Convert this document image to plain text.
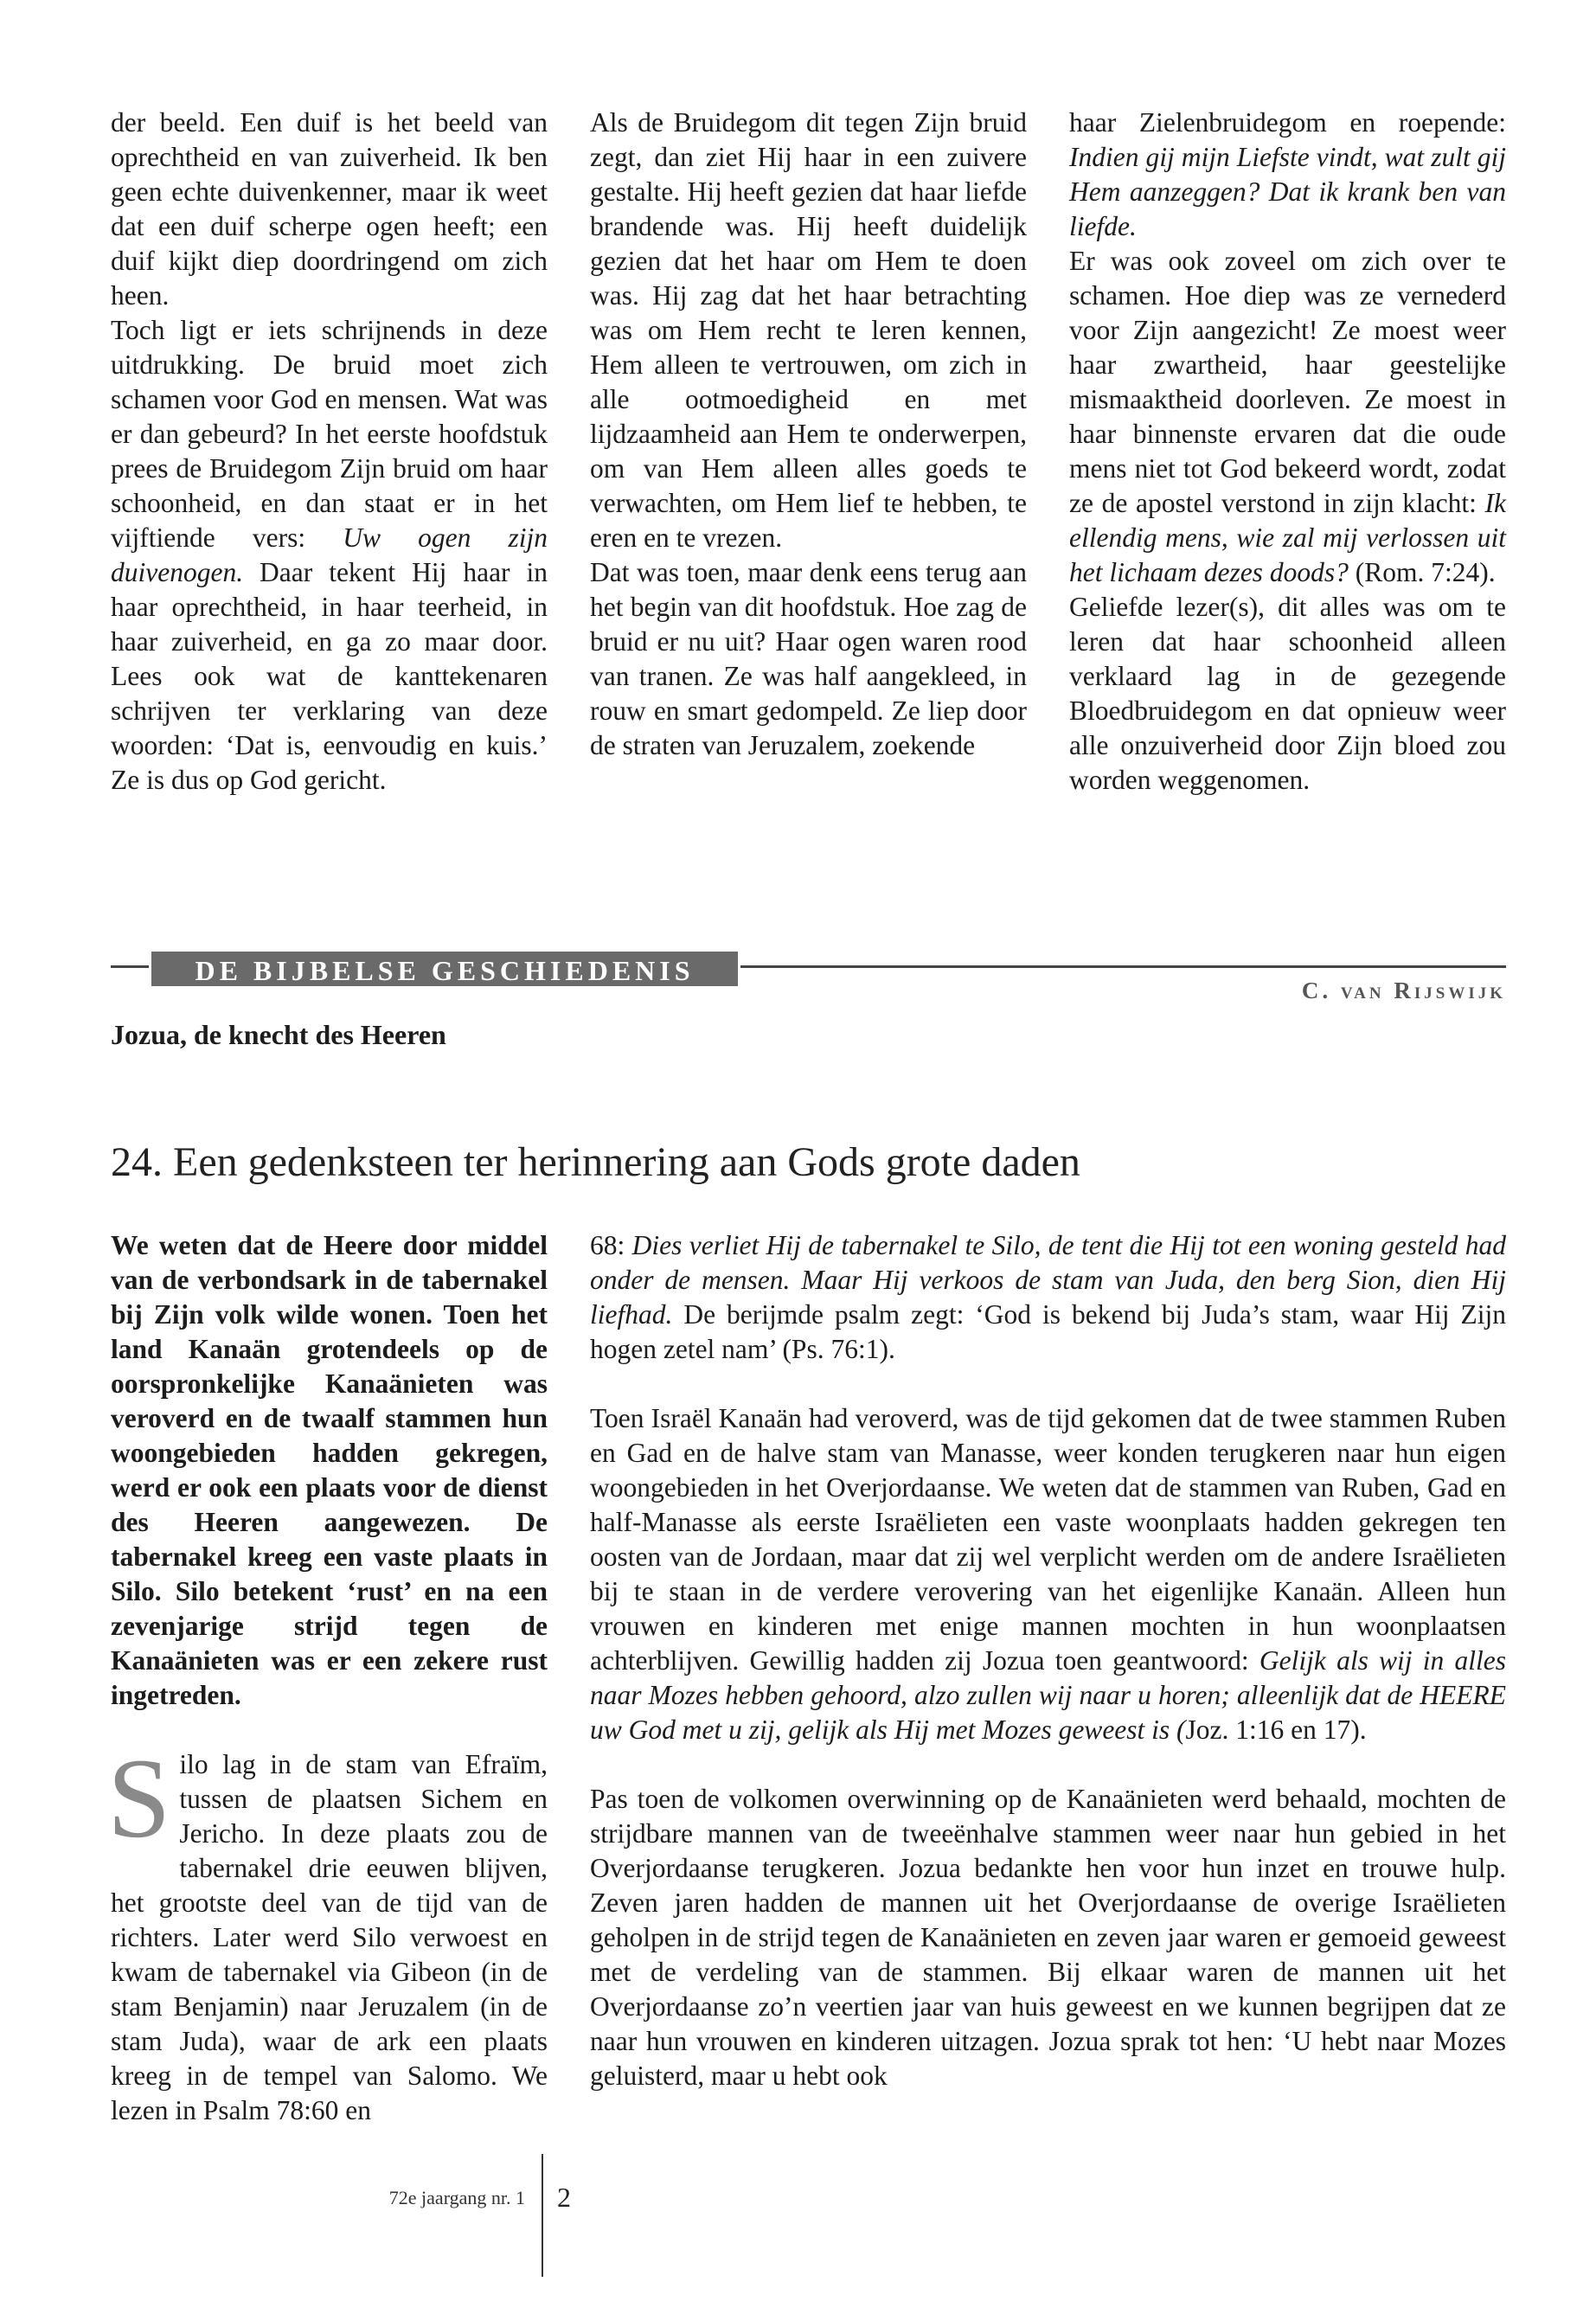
der beeld. Een duif is het beeld van oprechtheid en van zuiverheid. Ik ben geen echte duivenkenner, maar ik weet dat een duif scherpe ogen heeft; een duif kijkt diep doordringend om zich heen.

Toch ligt er iets schrijnends in deze uitdrukking. De bruid moet zich schamen voor God en mensen. Wat was er dan gebeurd? In het eerste hoofdstuk prees de Bruidegom Zijn bruid om haar schoonheid, en dan staat er in het vijftiende vers: Uw ogen zijn duivenogen. Daar tekent Hij haar in haar oprechtheid, in haar teerheid, in haar zuiverheid, en ga zo maar door. Lees ook wat de kanttekenaren schrijven ter verklaring van deze woorden: ‘Dat is, eenvoudig en kuis.’ Ze is dus op God gericht.

Als de Bruidegom dit tegen Zijn bruid zegt, dan ziet Hij haar in een zuivere gestalte. Hij heeft gezien dat haar liefde brandende was. Hij heeft duidelijk gezien dat het haar om Hem te doen was. Hij zag dat het haar betrachting was om Hem recht te leren kennen, Hem alleen te vertrouwen, om zich in alle ootmoedigheid en met lijdzaamheid aan Hem te onderwerpen, om van Hem alleen alles goeds te verwachten, om Hem lief te hebben, te eren en te vrezen.

Dat was toen, maar denk eens terug aan het begin van dit hoofdstuk. Hoe zag de bruid er nu uit? Haar ogen waren rood van tranen. Ze was half aangekleed, in rouw en smart gedompeld. Ze liep door de straten van Jeruzalem, zoekende

haar Zielenbruidegom en roepende: Indien gij mijn Liefste vindt, wat zult gij Hem aanzeggen? Dat ik krank ben van liefde.

Er was ook zoveel om zich over te schamen. Hoe diep was ze vernederd voor Zijn aangezicht! Ze moest weer haar zwartheid, haar geestelijke mismaaktheid doorleven. Ze moest in haar binnenste ervaren dat die oude mens niet tot God bekeerd wordt, zodat ze de apostel verstond in zijn klacht: Ik ellendig mens, wie zal mij verlossen uit het lichaam dezes doods? (Rom. 7:24).

Geliefde lezer(s), dit alles was om te leren dat haar schoonheid alleen verklaard lag in de gezegende Bloedbruidegom en dat opnieuw weer alle onzuiverheid door Zijn bloed zou worden weggenomen.

DE BIJBELSE GESCHIEDENIS
C. van Rijswijk
Jozua, de knecht des Heeren
24. Een gedenksteen ter herinnering aan Gods grote daden

We weten dat de Heere door middel van de verbondsark in de tabernakel bij Zijn volk wilde wonen. Toen het land Kanaän grotendeels op de oorspronkelijke Kanaänieten was veroverd en de twaalf stammen hun woongebieden hadden gekregen, werd er ook een plaats voor de dienst des Heeren aangewezen. De tabernakel kreeg een vaste plaats in Silo. Silo betekent ‘rust’ en na een zevenjarige strijd tegen de Kanaänieten was er een zekere rust ingetreden.

Silo lag in de stam van Efraïm, tussen de plaatsen Sichem en Jericho. In deze plaats zou de tabernakel drie eeuwen blijven, het grootste deel van de tijd van de richters. Later werd Silo verwoest en kwam de tabernakel via Gibeon (in de stam Benjamin) naar Jeruzalem (in de stam Juda), waar de ark een plaats kreeg in de tempel van Salomo. We lezen in Psalm 78:60 en

68: Dies verliet Hij de tabernakel te Silo, de tent die Hij tot een woning gesteld had onder de mensen. Maar Hij verkoos de stam van Juda, den berg Sion, dien Hij liefhad. De berijmde psalm zegt: ‘God is bekend bij Juda’s stam, waar Hij Zijn hogen zetel nam’ (Ps. 76:1).

Toen Israël Kanaän had veroverd, was de tijd gekomen dat de twee stammen Ruben en Gad en de halve stam van Manasse, weer konden terugkeren naar hun eigen woongebieden in het Overjordaanse. We weten dat de stammen van Ruben, Gad en half-Manasse als eerste Israëlieten een vaste woonplaats hadden gekregen ten oosten van de Jordaan, maar dat zij wel verplicht werden om de andere Israëlieten bij te staan in de verdere verovering van het eigenlijke Kanaän. Alleen hun vrouwen en kinderen met enige mannen mochten in hun woonplaatsen achterblijven. Gewillig hadden zij Jozua toen geantwoord: Gelijk als wij in alles naar Mozes hebben gehoord, alzo zullen wij naar u horen; alleenlijk dat de HEERE uw God met u zij, gelijk als Hij met Mozes geweest is (Joz. 1:16 en 17).

Pas toen de volkomen overwinning op de Kanaänieten werd behaald, mochten de strijdbare mannen van de tweeënhalve stammen weer naar hun gebied in het Overjordaanse terugkeren. Jozua bedankte hen voor hun inzet en trouwe hulp. Zeven jaren hadden de mannen uit het Overjordaanse de overige Israëlieten geholpen in de strijd tegen de Kanaänieten en zeven jaar waren er gemoeid geweest met de verdeling van de stammen. Bij elkaar waren de mannen uit het Overjordaanse zo’n veertien jaar van huis geweest en we kunnen begrijpen dat ze naar hun vrouwen en kinderen uitzagen. Jozua sprak tot hen: ‘U hebt naar Mozes geluisterd, maar u hebt ook

72e jaargang nr. 1 2
